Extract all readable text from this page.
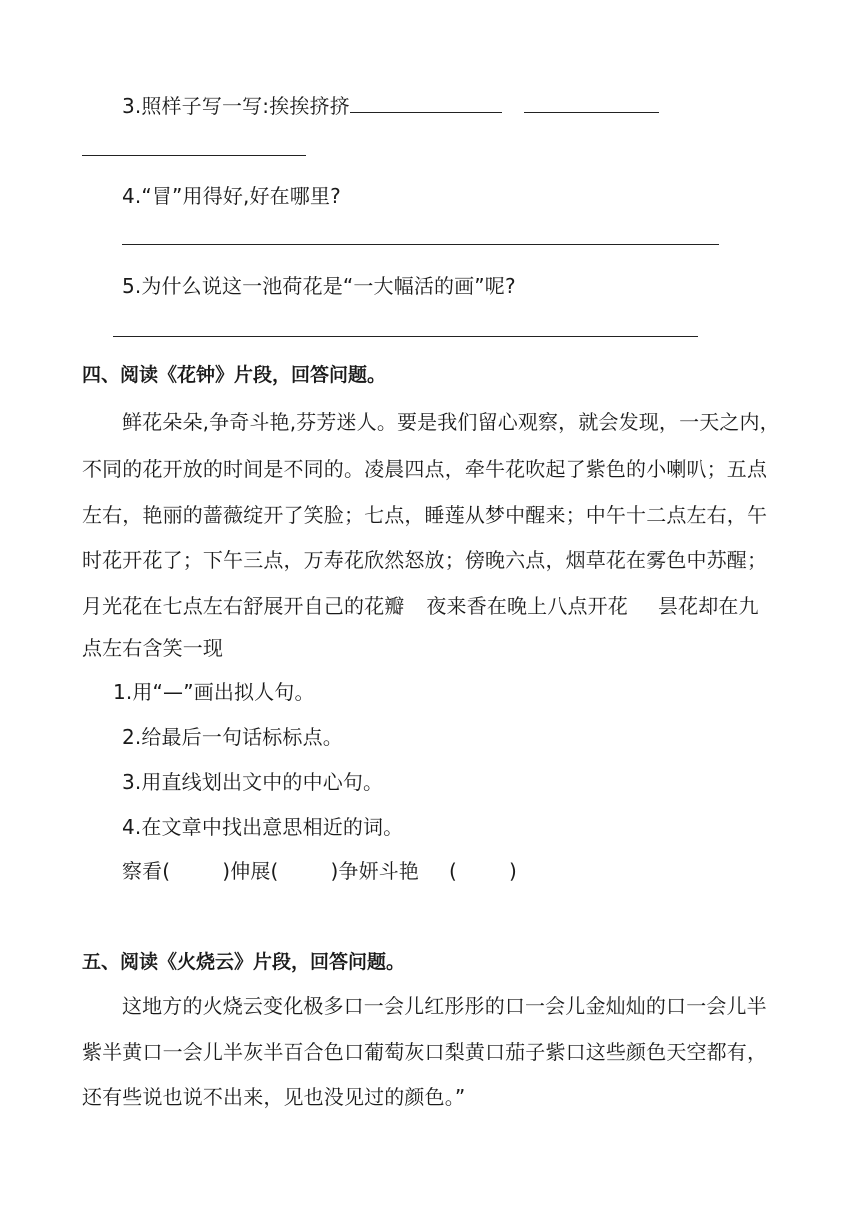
3.照样子写一写:挨挨挤挤
4.“冒”用得好,好在哪里?
5.为什么说这一池荷花是“一大幅活的画”呢?
四、阅读《花钟》片段，回答问题。
鲜花朵朵,争奇斗艳,芬芳迷人。要是我们留心观察，就会发现，一天之内，
不同的花开放的时间是不同的。凌晨四点，牵牛花吹起了紫色的小喇叭；五点
左右，艳丽的蔷薇绽开了笑脸；七点，睡莲从梦中醒来；中午十二点左右，午
时花开花了；下午三点，万寿花欣然怒放；傍晚六点，烟草花在雾色中苏醒；
月光花在七点左右舒展开自己的花瓣 夜来香在晚上八点开花 昙花却在九
点左右含笑一现
1.用“—”画出拟人句。
2.给最后一句话标标点。
3.用直线划出文中的中心句。
4.在文章中找出意思相近的词。
察看(	)伸展(	)争妍斗艳 (	)
五、阅读《火烧云》片段，回答问题。
这地方的火烧云变化极多口一会儿红彤彤的口一会儿金灿灿的口一会儿半
紫半黄口一会儿半灰半百合色口葡萄灰口梨黄口茄子紫口这些颜色天空都有，
还有些说也说不出来，见也没见过的颜色。”
